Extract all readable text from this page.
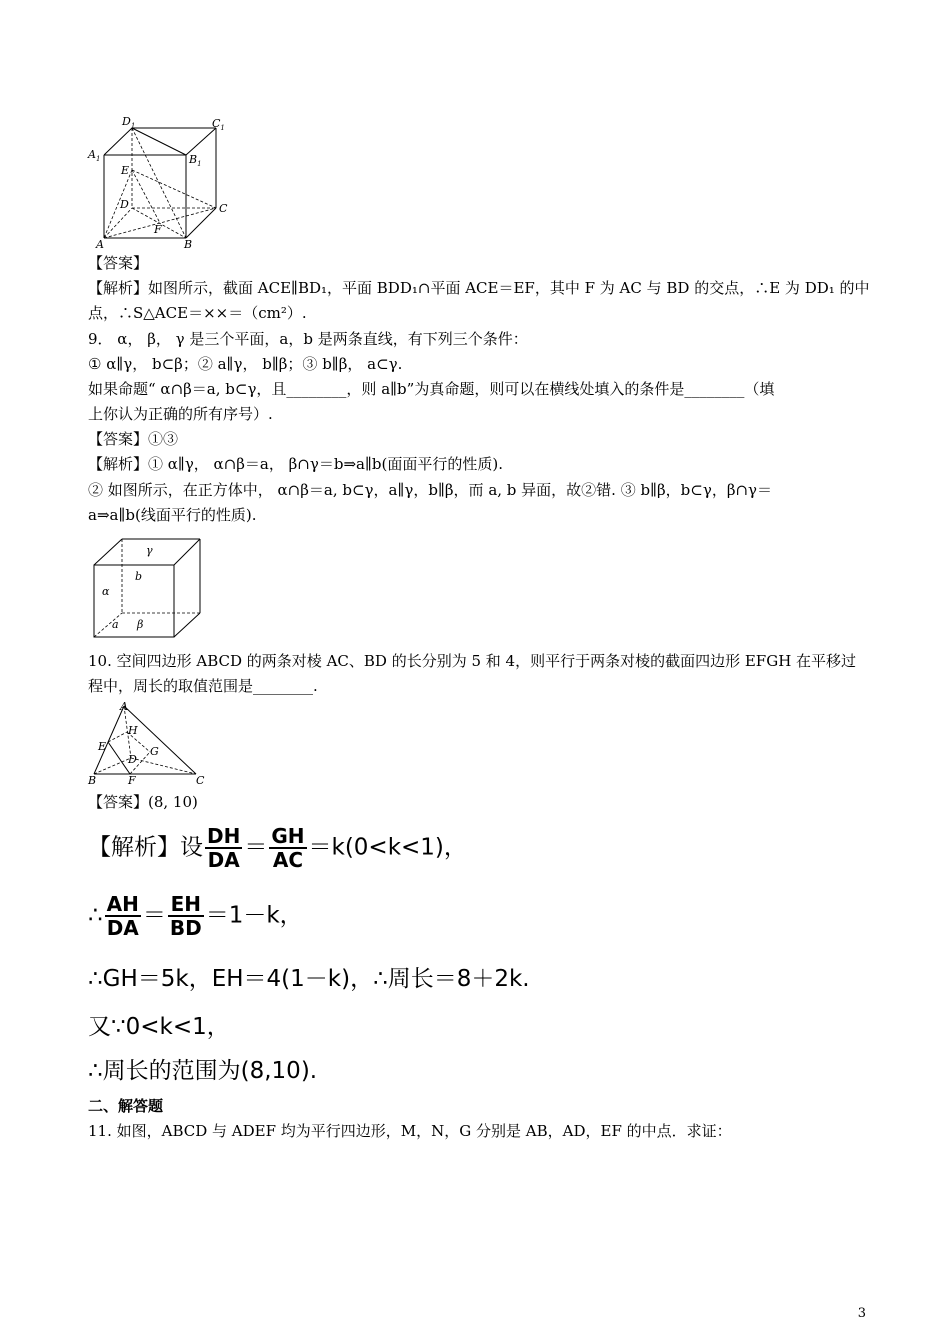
$D_1$	$C_1$
$A_1$	$B_1$
E
D	C
A	B
F
【答案】
【解析】如图所示，截面 ACE∥BD₁，平面 BDD₁∩平面 ACE＝EF，其中 F 为 AC 与 BD 的交点，∴E 为 DD₁ 的中
点，∴S△ACE＝××＝（cm²）.
9． α， β， γ 是三个平面，a，b 是两条直线，有下列三个条件：
① α∥γ， b⊂β；② a∥γ， b∥β；③ b∥β， a⊂γ.
如果命题“ α∩β＝a, b⊂γ，且________，则 a∥b”为真命题，则可以在横线处填入的条件是________（填
上你认为正确的所有序号）.
【答案】①③
【解析】① α∥γ， α∩β＝a， β∩γ＝b⇒a∥b(面面平行的性质).
② 如图所示，在正方体中， α∩β＝a, b⊂γ，a∥γ，b∥β，而 a, b 异面，故②错. ③ b∥β，b⊂γ，β∩γ＝
a⇒a∥b(线面平行的性质).
γ
b
α
a β
10. 空间四边形 ABCD 的两条对棱 AC、BD 的长分别为 5 和 4，则平行于两条对棱的截面四边形 EFGH 在平移过
程中，周长的取值范围是________.
A
B	C
D
E
F
G
H
【答案】(8, 10)
【解析】设 $\frac{DH}{DA} = \frac{GH}{AC} =k(0<k<1)$，
∴ $\frac{AH}{DA} = \frac{EH}{BD} =1-k$，
∴GH＝5k，EH＝4(1－k)，∴周长＝8＋2k.
又∵0<k<1，
∴周长的范围为(8,10).
二、解答题
11. 如图，ABCD 与 ADEF 均为平行四边形，M，N，G 分别是 AB，AD，EF 的中点．求证：
3
